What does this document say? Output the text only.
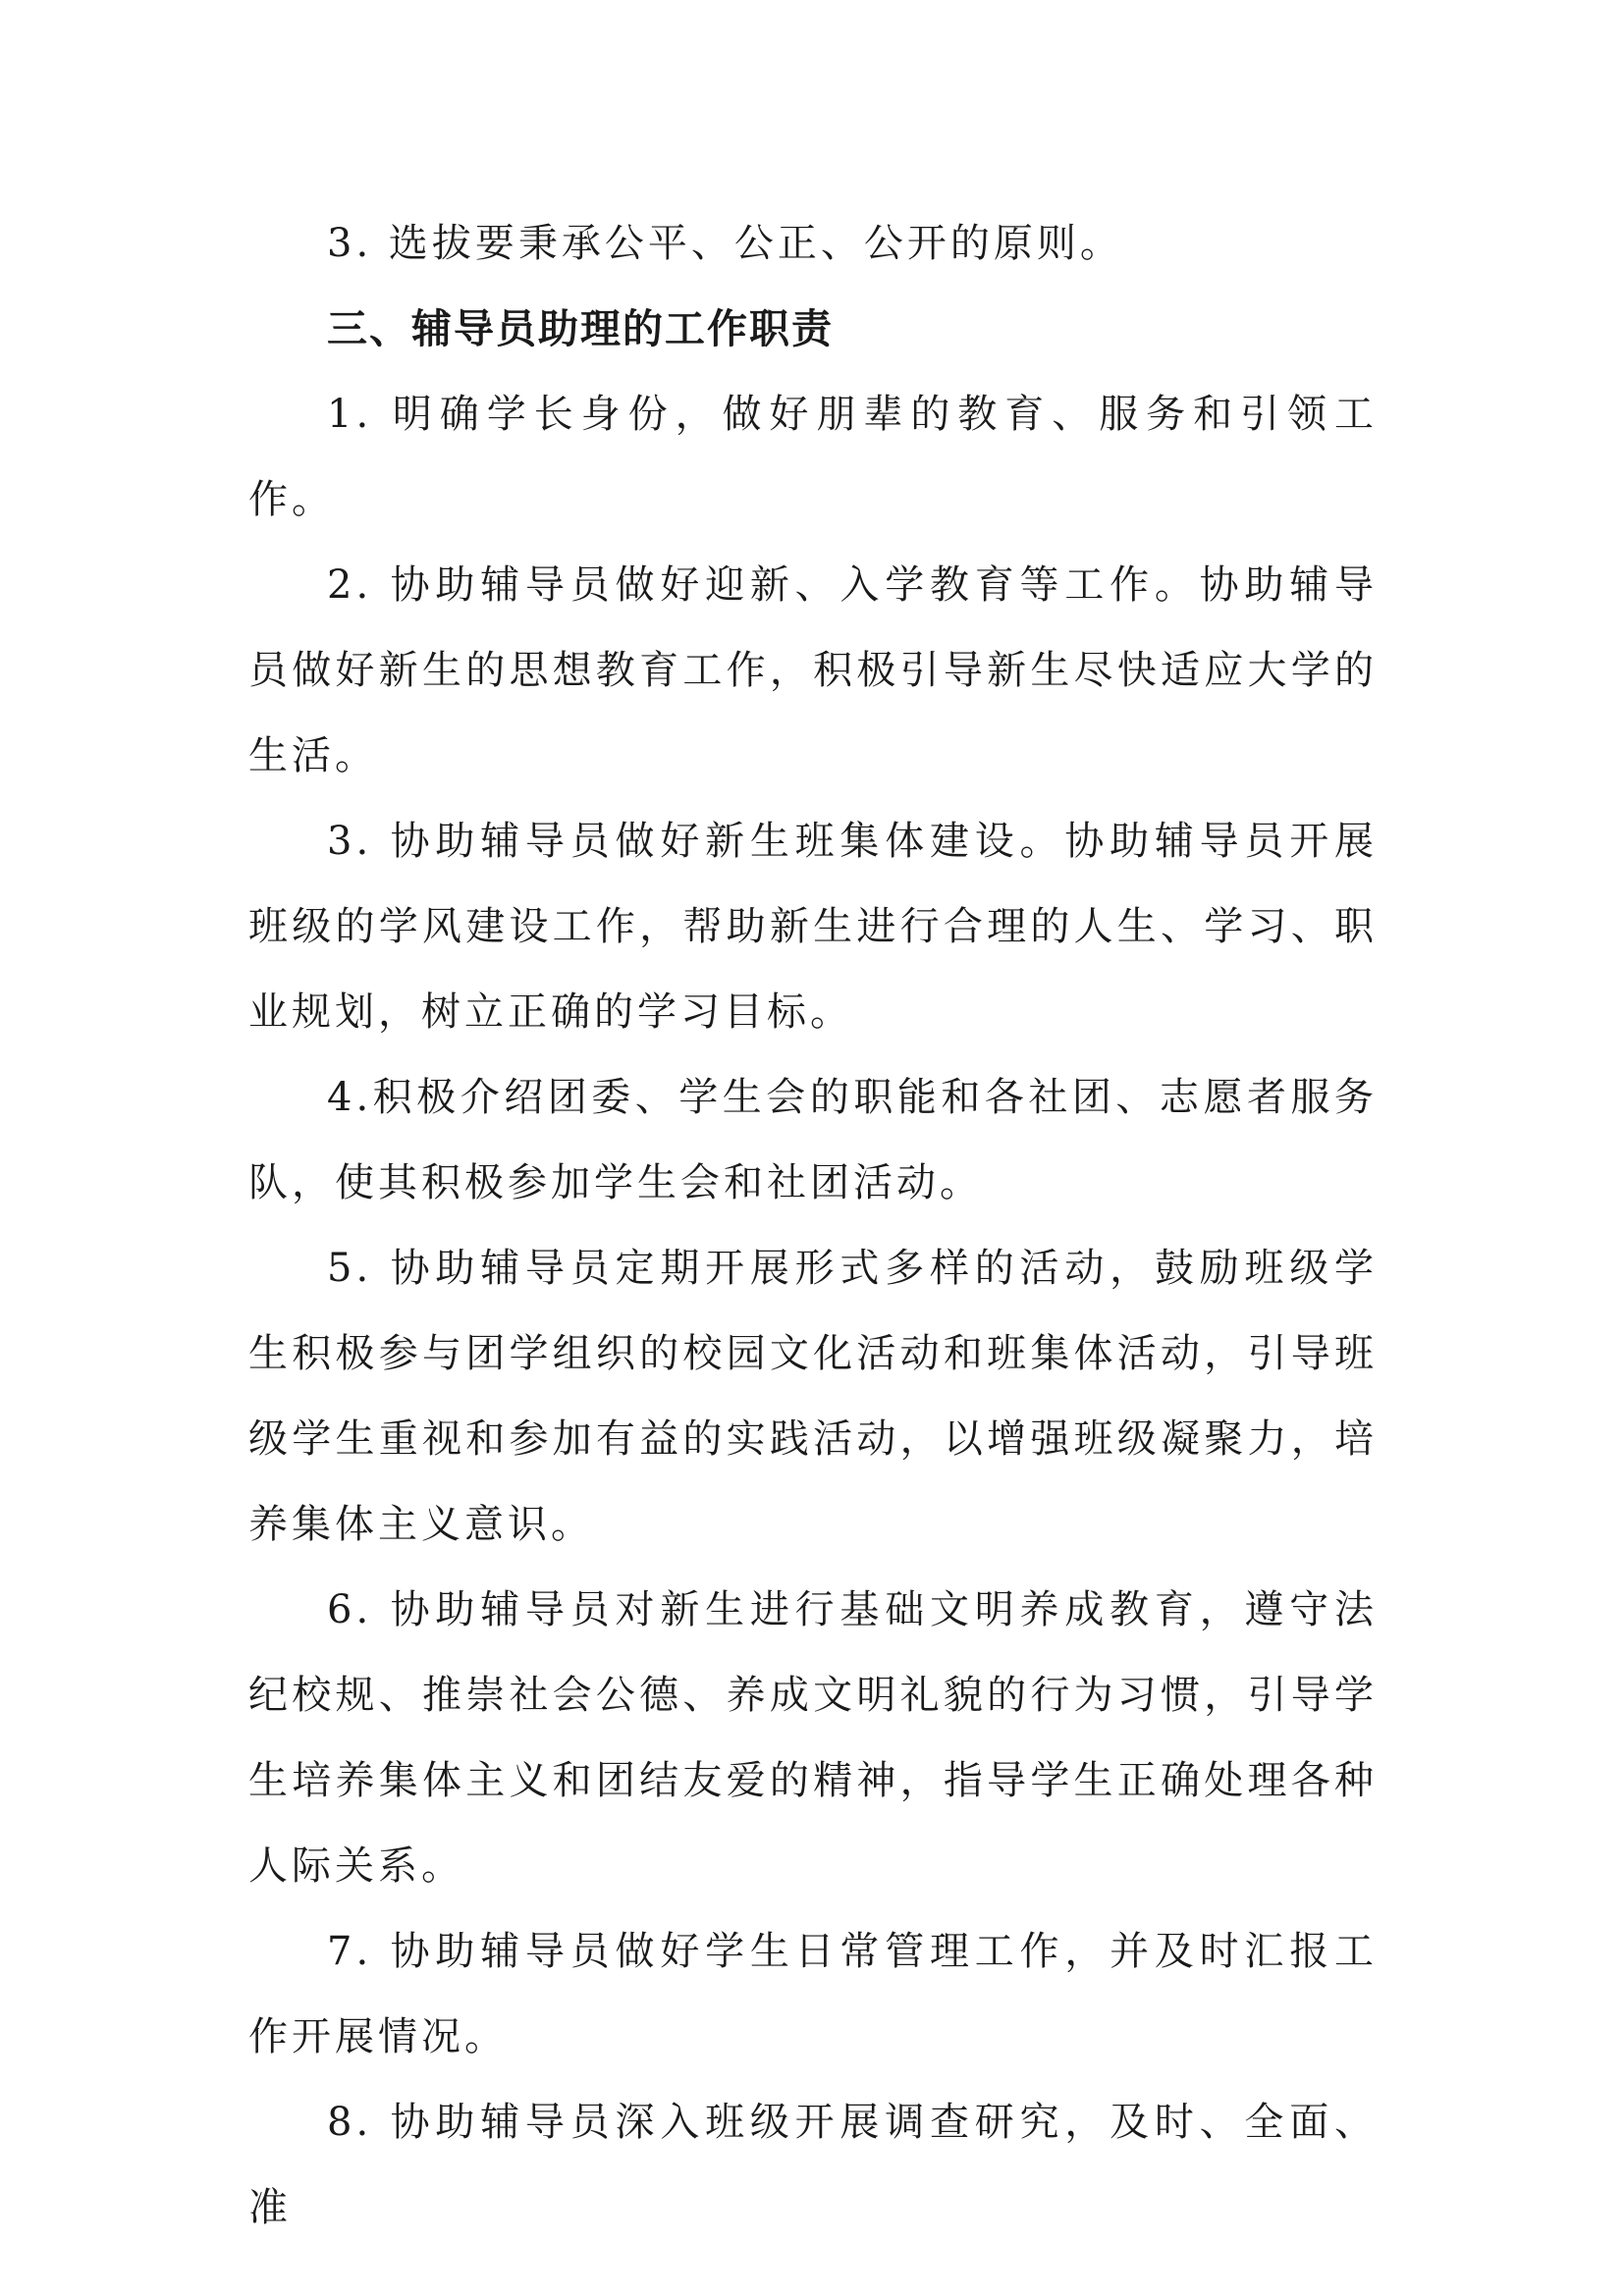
3. 选拔要秉承公平、公正、公开的原则。

三、辅导员助理的工作职责

1. 明确学长身份，做好朋辈的教育、服务和引领工作。

2. 协助辅导员做好迎新、入学教育等工作。协助辅导员做好新生的思想教育工作，积极引导新生尽快适应大学的生活。

3. 协助辅导员做好新生班集体建设。协助辅导员开展班级的学风建设工作，帮助新生进行合理的人生、学习、职业规划，树立正确的学习目标。

4.积极介绍团委、学生会的职能和各社团、志愿者服务队，使其积极参加学生会和社团活动。

5. 协助辅导员定期开展形式多样的活动，鼓励班级学生积极参与团学组织的校园文化活动和班集体活动，引导班级学生重视和参加有益的实践活动，以增强班级凝聚力，培养集体主义意识。

6. 协助辅导员对新生进行基础文明养成教育，遵守法纪校规、推崇社会公德、养成文明礼貌的行为习惯，引导学生培养集体主义和团结友爱的精神，指导学生正确处理各种人际关系。

7. 协助辅导员做好学生日常管理工作，并及时汇报工作开展情况。

8. 协助辅导员深入班级开展调查研究，及时、全面、准
